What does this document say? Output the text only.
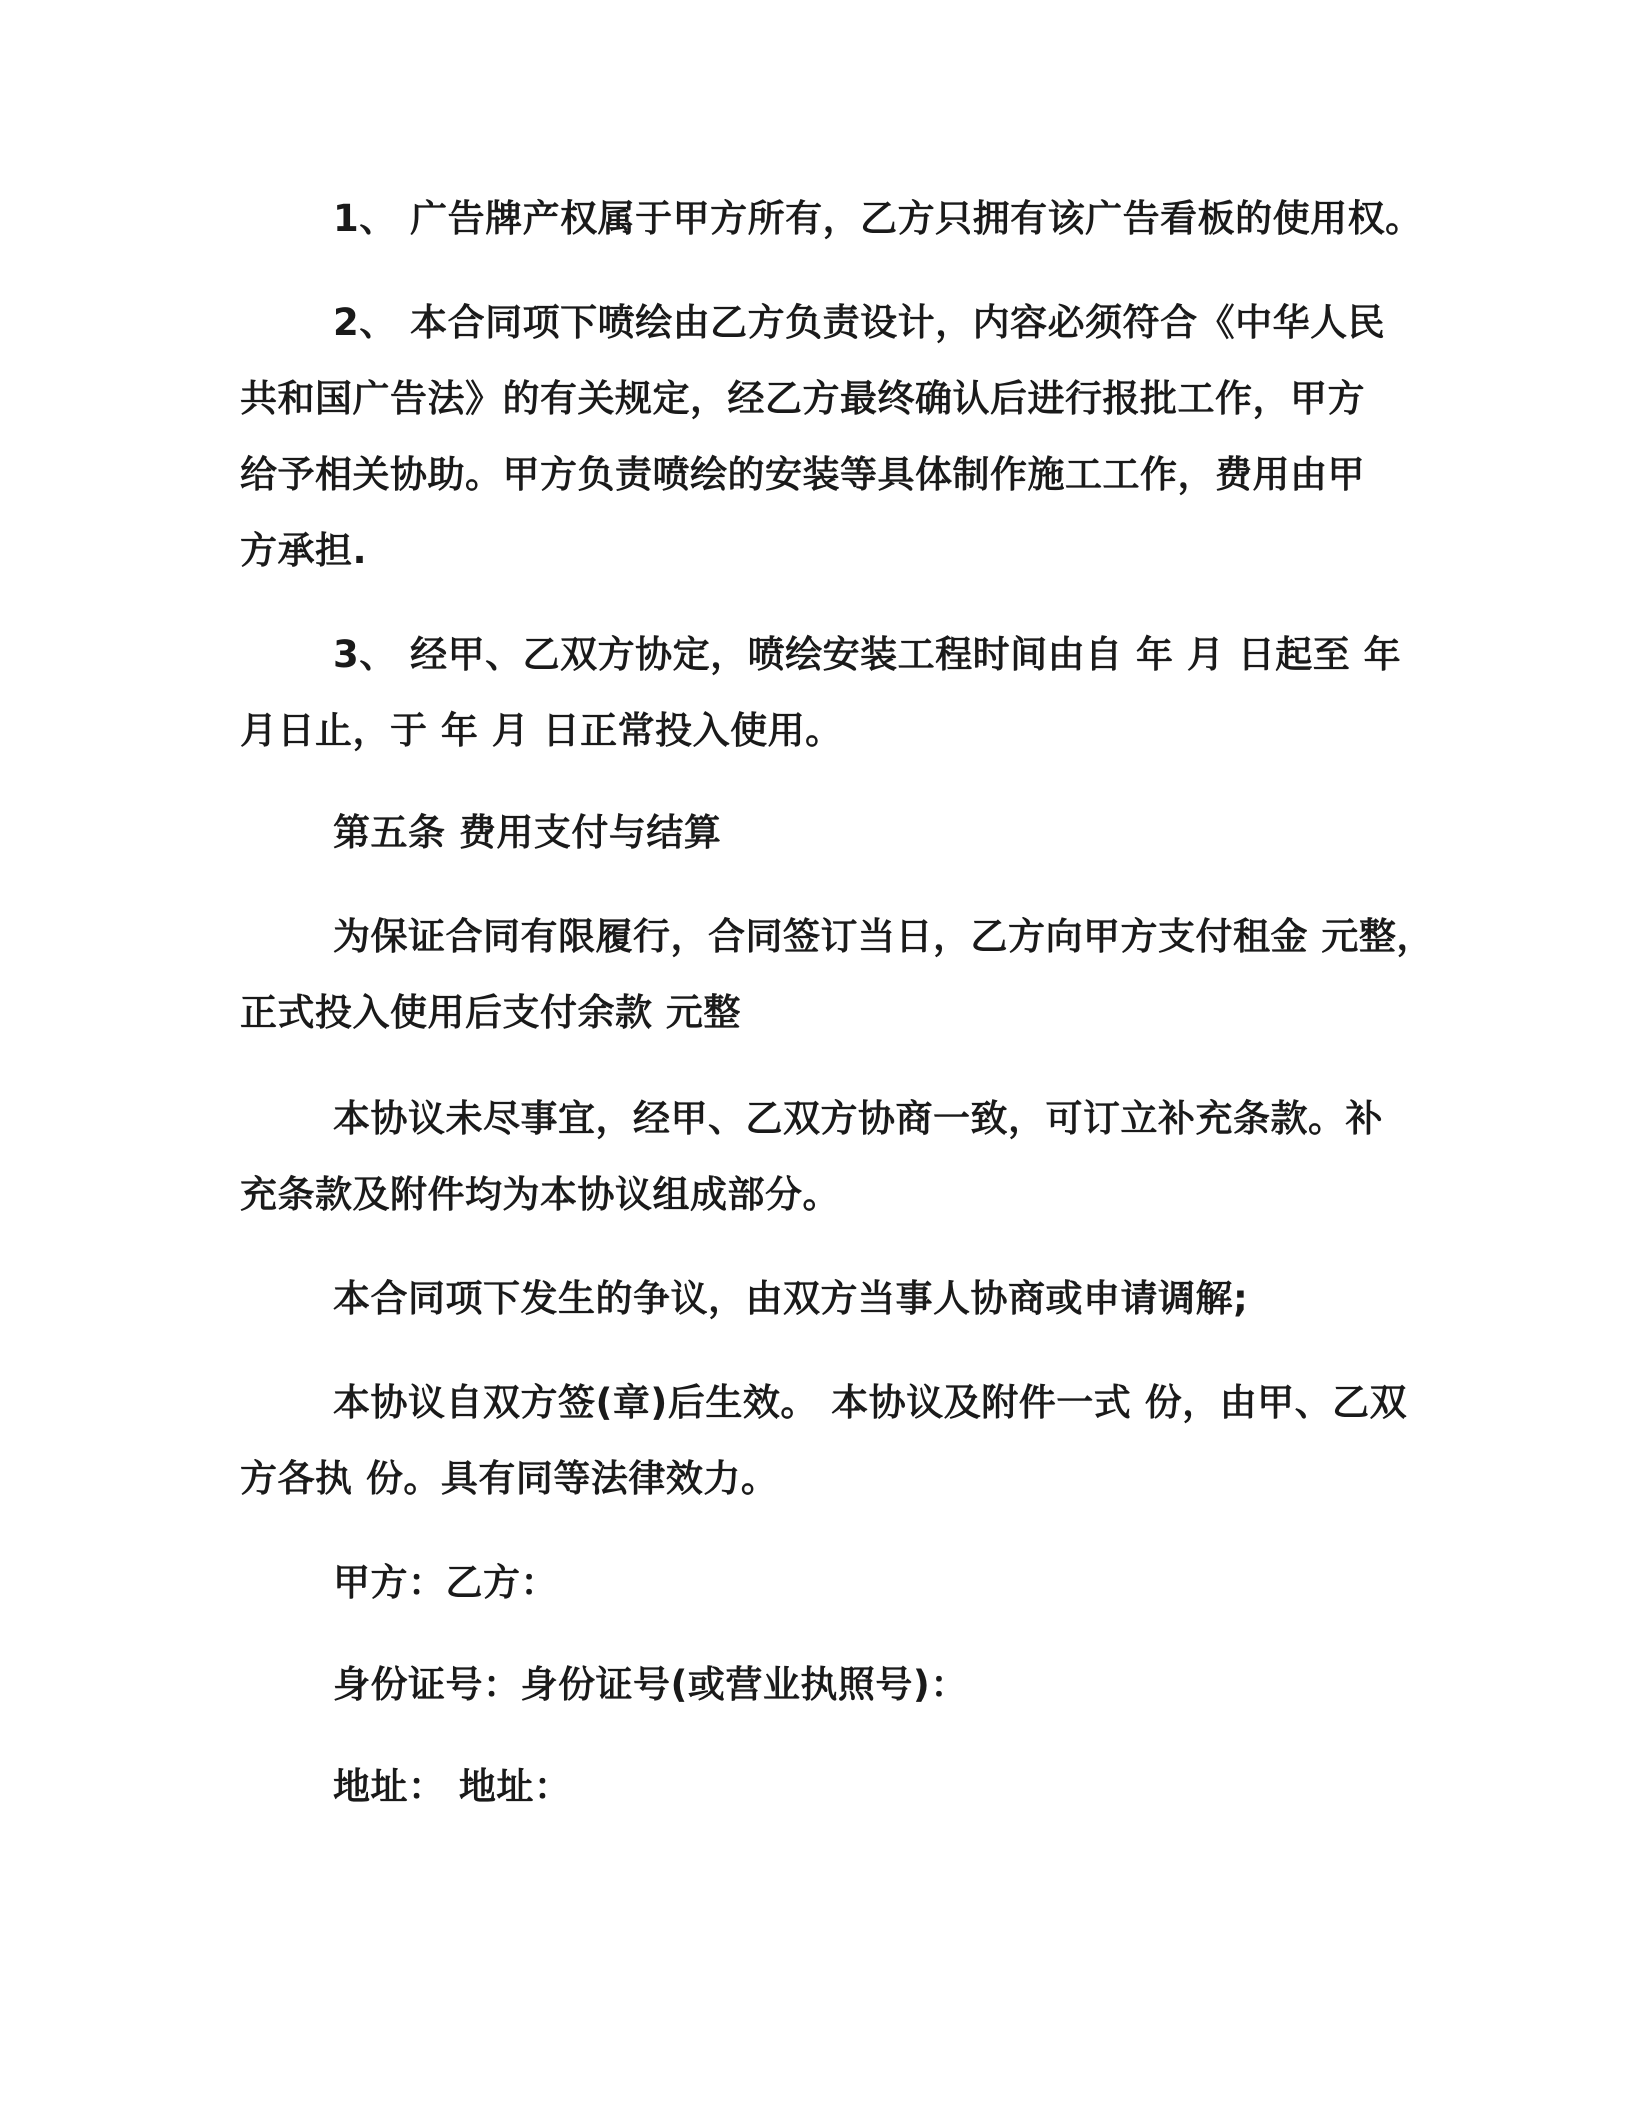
1、 广告牌产权属于甲方所有，乙方只拥有该广告看板的使用权。
2、 本合同项下喷绘由乙方负责设计，内容必须符合《中华人民
共和国广告法》的有关规定，经乙方最终确认后进行报批工作，甲方
给予相关协助。甲方负责喷绘的安装等具体制作施工工作，费用由甲
方承担.
3、 经甲、乙双方协定，喷绘安装工程时间由自 年 月 日起至 年
月日止，于 年 月 日正常投入使用。
第五条 费用支付与结算
为保证合同有限履行，合同签订当日，乙方向甲方支付租金 元整，
正式投入使用后支付余款 元整
本协议未尽事宜，经甲、乙双方协商一致，可订立补充条款。补
充条款及附件均为本协议组成部分。
本合同项下发生的争议，由双方当事人协商或申请调解;
本协议自双方签(章)后生效。 本协议及附件一式 份，由甲、乙双
方各执 份。具有同等法律效力。
甲方：乙方：
身份证号：身份证号(或营业执照号)：
地址： 地址：
